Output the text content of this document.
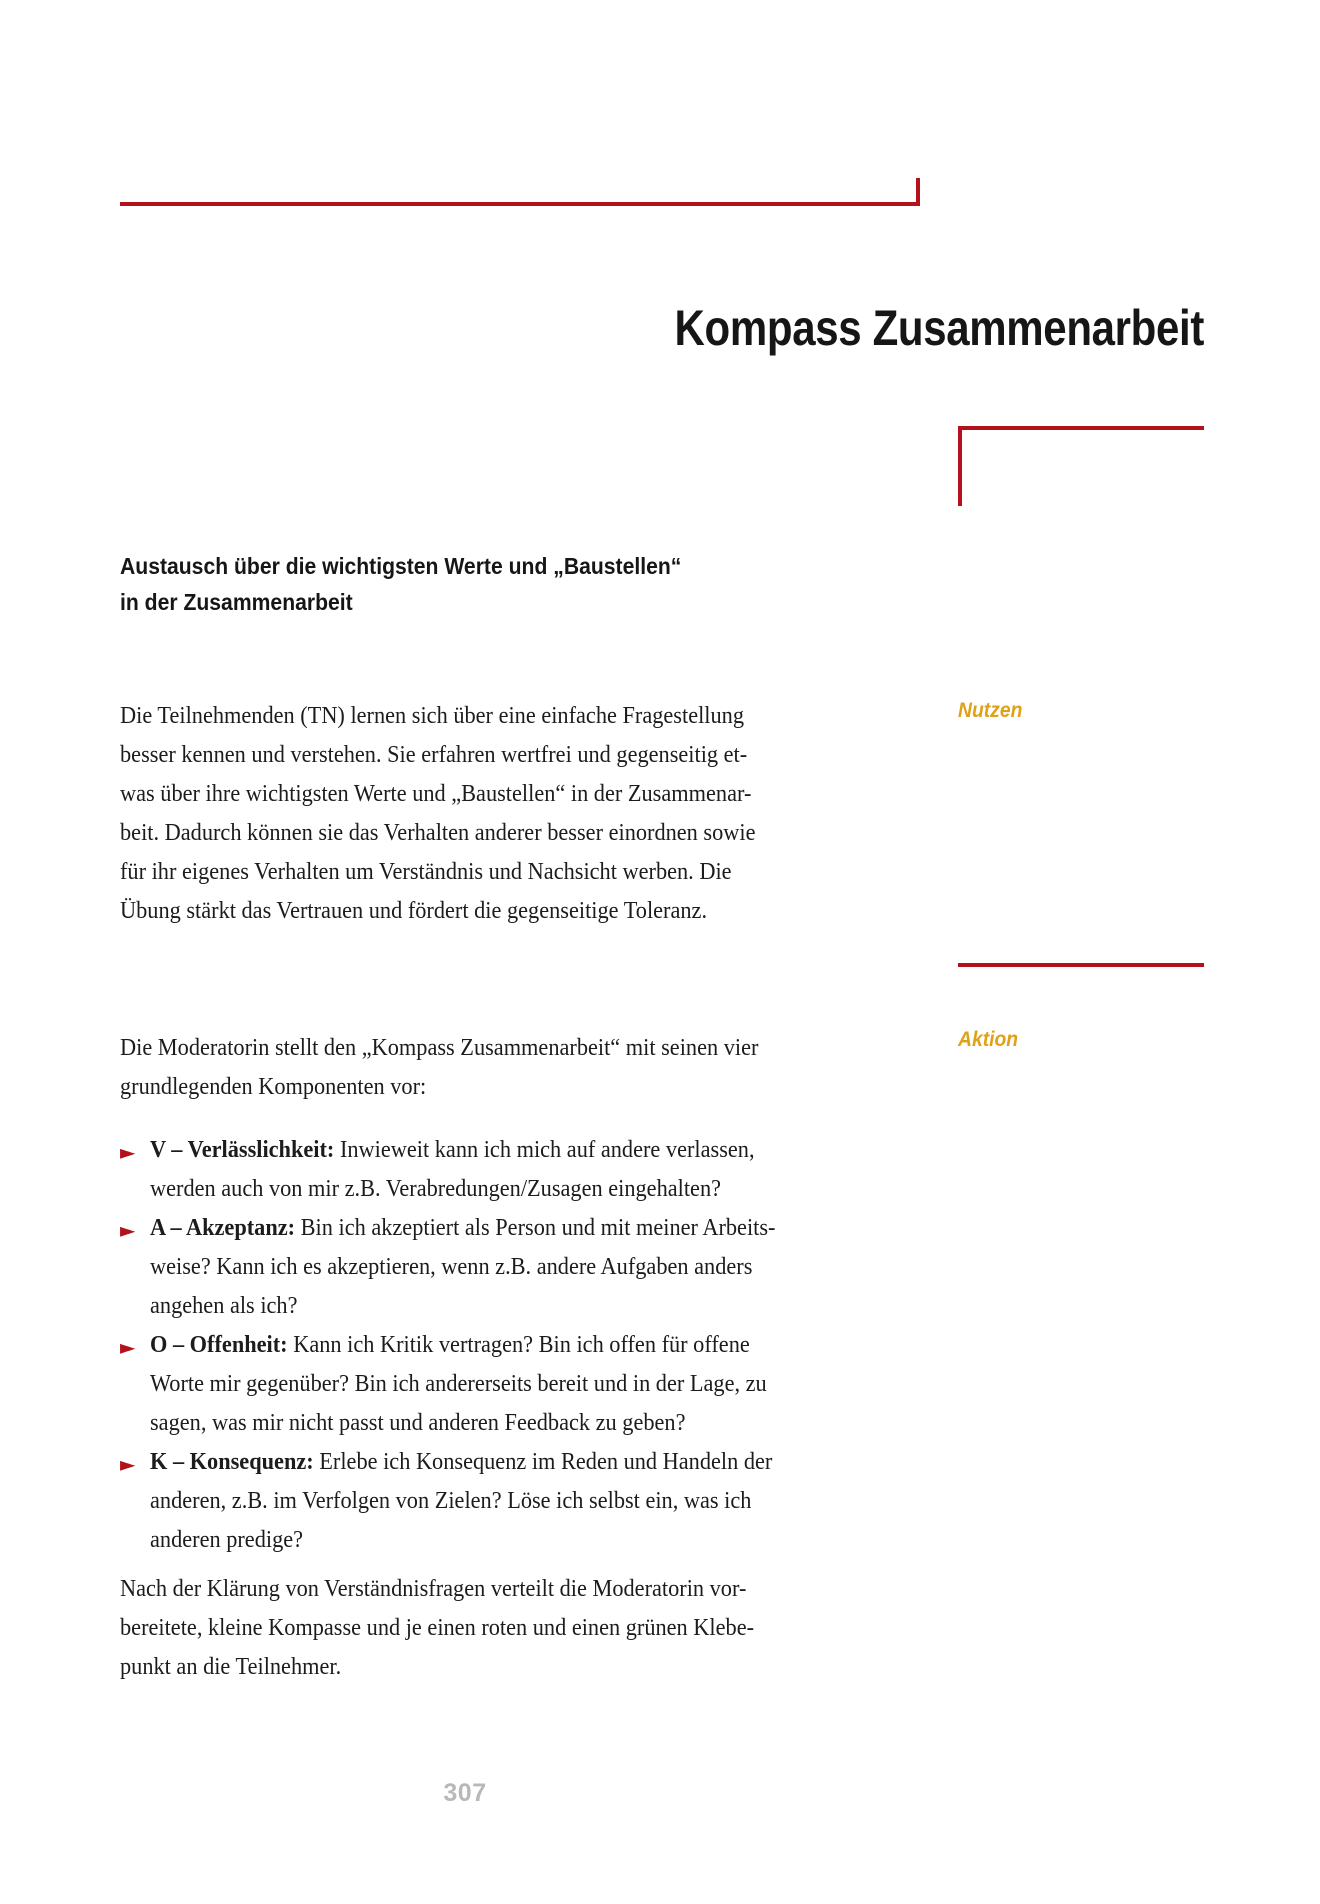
Kompass Zusammenarbeit
Austausch über die wichtigsten Werte und „Baustellen“
in der Zusammenarbeit
Die Teilnehmenden (TN) lernen sich über eine einfache Fragestellung
besser kennen und verstehen. Sie erfahren wertfrei und gegenseitig et-
was über ihre wichtigsten Werte und „Baustellen“ in der Zusammenar-
beit. Dadurch können sie das Verhalten anderer besser einordnen sowie
für ihr eigenes Verhalten um Verständnis und Nachsicht werben. Die
Übung stärkt das Vertrauen und fördert die gegenseitige Toleranz.
Nutzen
Aktion
Die Moderatorin stellt den „Kompass Zusammenarbeit“ mit seinen vier
grundlegenden Komponenten vor:
► V – Verlässlichkeit: Inwieweit kann ich mich auf andere verlassen,
werden auch von mir z.B. Verabredungen/Zusagen eingehalten?
► A – Akzeptanz: Bin ich akzeptiert als Person und mit meiner Arbeits-
weise? Kann ich es akzeptieren, wenn z.B. andere Aufgaben anders
angehen als ich?
► O – Offenheit: Kann ich Kritik vertragen? Bin ich offen für offene
Worte mir gegenüber? Bin ich andererseits bereit und in der Lage, zu
sagen, was mir nicht passt und anderen Feedback zu geben?
► K – Konsequenz: Erlebe ich Konsequenz im Reden und Handeln der
anderen, z.B. im Verfolgen von Zielen? Löse ich selbst ein, was ich
anderen predige?
Nach der Klärung von Verständnisfragen verteilt die Moderatorin vor-
bereitete, kleine Kompasse und je einen roten und einen grünen Klebe-
punkt an die Teilnehmer.
307
